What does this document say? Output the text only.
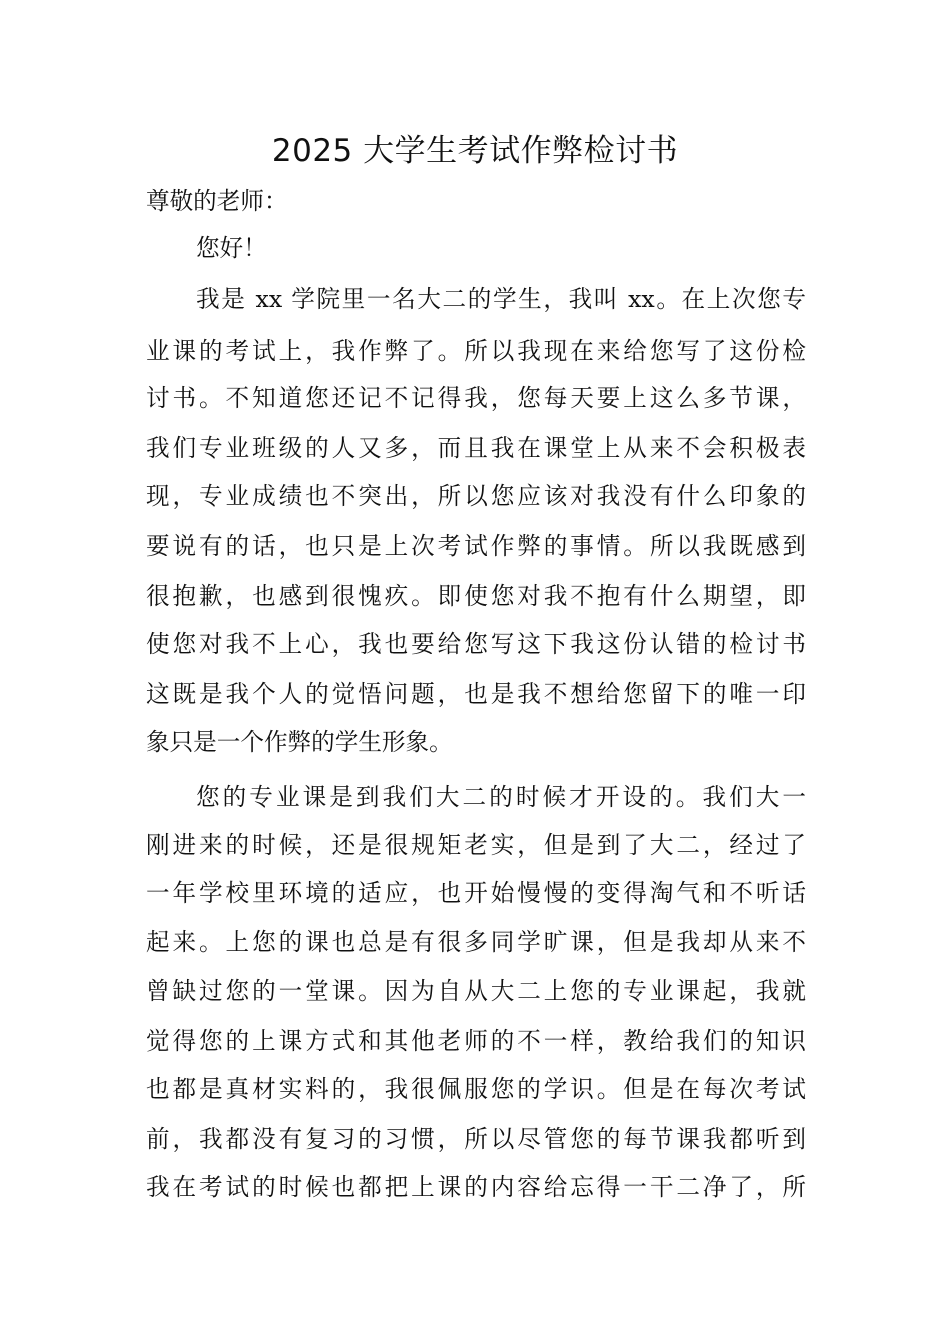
2025 大学生考试作弊检讨书
尊敬的老师：
您好！
我是 xx 学院里一名大二的学生，我叫 xx。在上次您专
业课的考试上，我作弊了。所以我现在来给您写了这份检
讨书。不知道您还记不记得我，您每天要上这么多节课，
我们专业班级的人又多，而且我在课堂上从来不会积极表
现，专业成绩也不突出，所以您应该对我没有什么印象的
要说有的话，也只是上次考试作弊的事情。所以我既感到
很抱歉，也感到很愧疚。即使您对我不抱有什么期望，即
使您对我不上心，我也要给您写这下我这份认错的检讨书
这既是我个人的觉悟问题，也是我不想给您留下的唯一印
象只是一个作弊的学生形象。
您的专业课是到我们大二的时候才开设的。我们大一
刚进来的时候，还是很规矩老实，但是到了大二，经过了
一年学校里环境的适应，也开始慢慢的变得淘气和不听话
起来。上您的课也总是有很多同学旷课，但是我却从来不
曾缺过您的一堂课。因为自从大二上您的专业课起，我就
觉得您的上课方式和其他老师的不一样，教给我们的知识
也都是真材实料的，我很佩服您的学识。但是在每次考试
前，我都没有复习的习惯，所以尽管您的每节课我都听到
我在考试的时候也都把上课的内容给忘得一干二净了，所
